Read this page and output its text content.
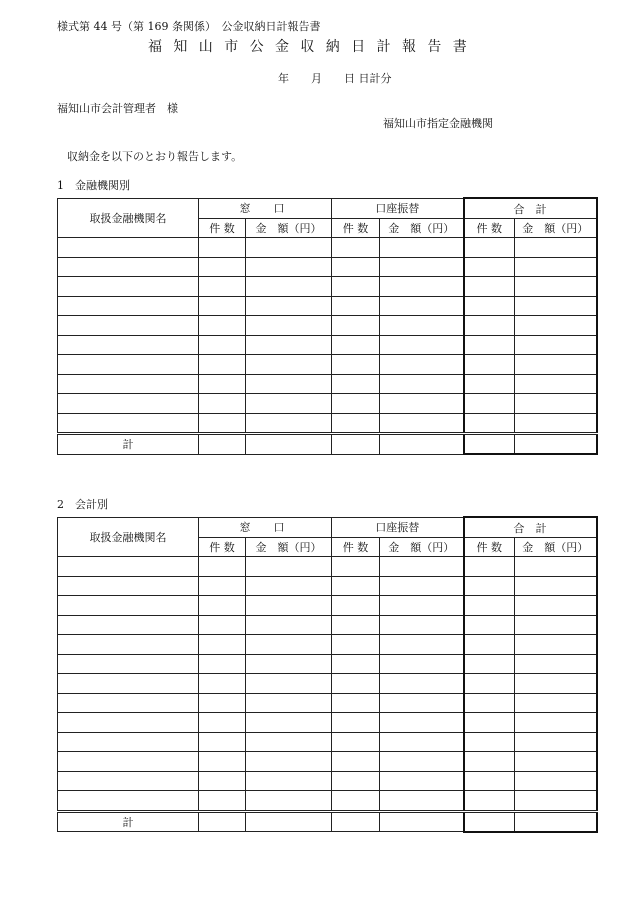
様式第 44 号（第 169 条関係）　公金収納日計報告書
福知山市公金収納日計報告書
年　　月　　日 日計分
福知山市会計管理者　様
福知山市指定金融機関
収納金を以下のとおり報告します。
1　金融機関別
取扱金融機関名	窓　口		口座振替		合　計	
	件 数	金　額（円）	件 数	金　額（円）	件 数	金　額（円）

計						
2　会計別
取扱金融機関名	窓　口		口座振替		合　計	
	件 数	金　額（円）	件 数	金　額（円）	件 数	金　額（円）

計						
